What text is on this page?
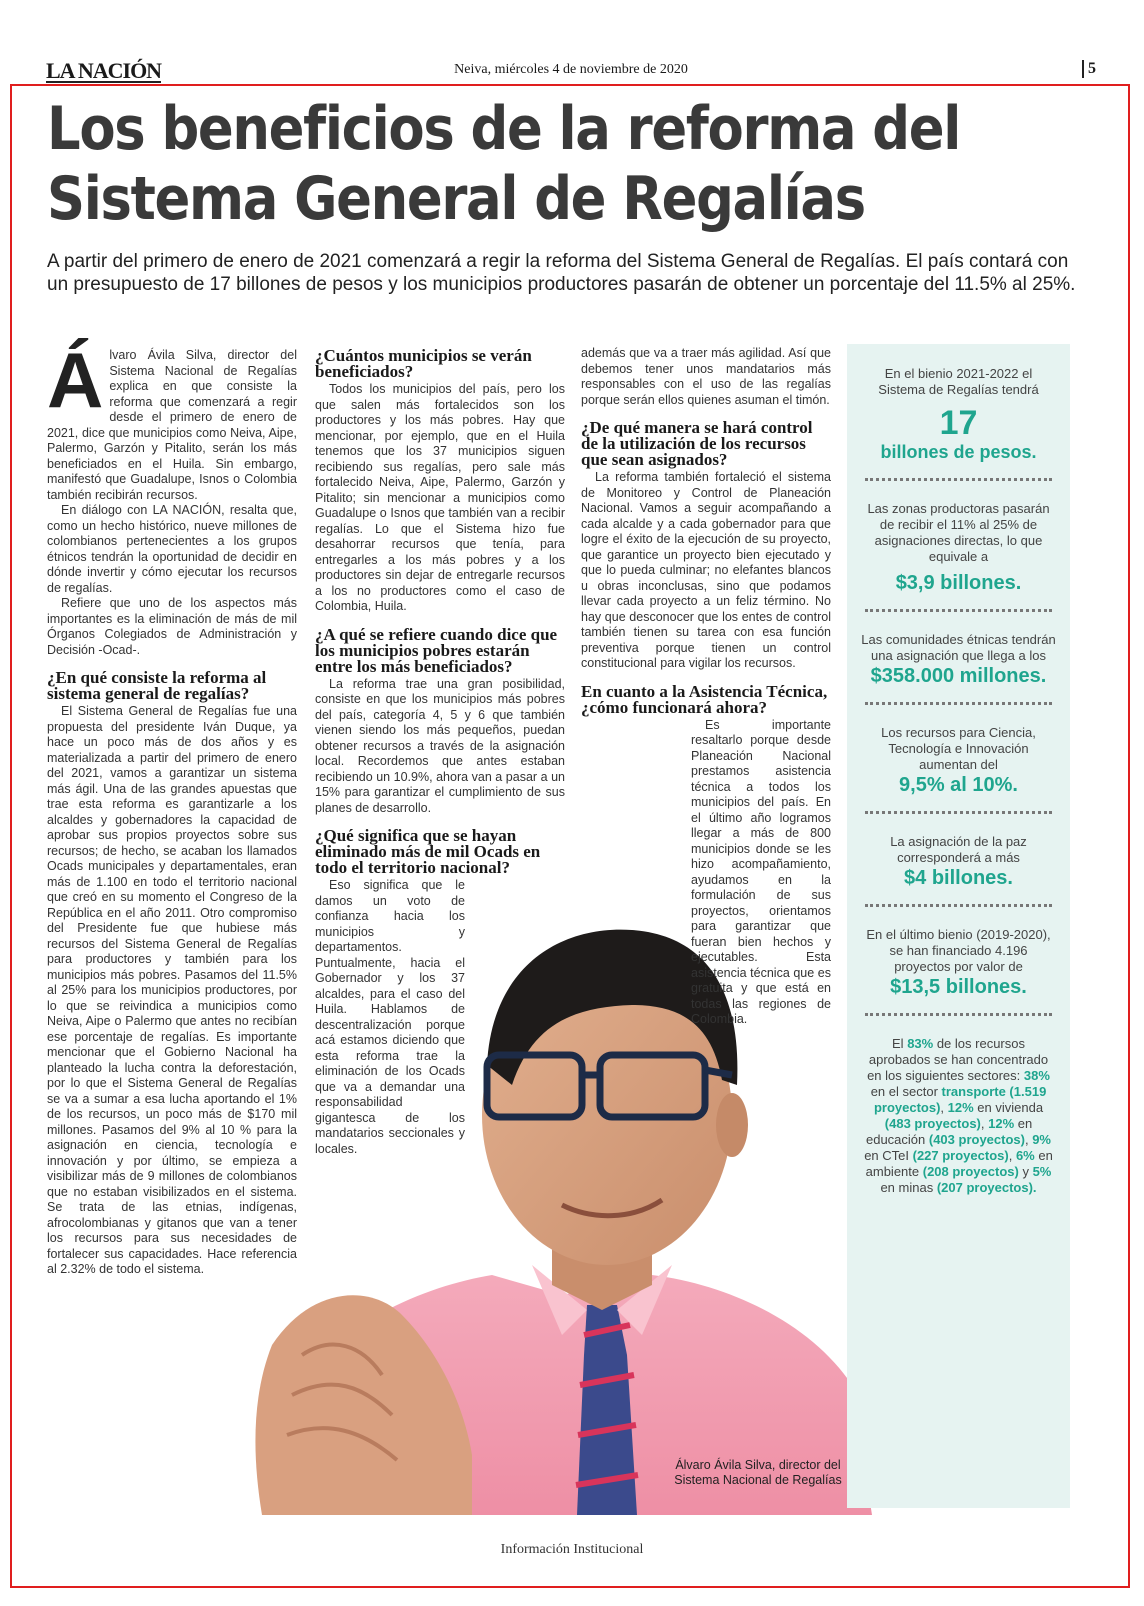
LA NACIÓN	Neiva, miércoles 4 de noviembre de 2020	5
Los beneficios de la reforma del
Sistema General de Regalías

A partir del primero de enero de 2021 comenzará a regir la reforma del Sistema General de Regalías. El país contará con un presupuesto de 17 billones de pesos y los municipios productores pasarán de obtener un porcentaje del 11.5% al 25%.

Álvaro Ávila Silva, director del Sistema Nacional de Regalías explica en que consiste la reforma que comenzará a regir desde el primero de enero de 2021, dice que municipios como Neiva, Aipe, Palermo, Garzón y Pitalito, serán los más beneficiados en el Huila. Sin embargo, manifestó que Guadalupe, Isnos o Colombia también recibirán recursos.

En diálogo con LA NACIÓN, resalta que, como un hecho histórico, nueve millones de colombianos pertenecientes a los grupos étnicos tendrán la oportunidad de decidir en dónde invertir y cómo ejecutar los recursos de regalías.

Refiere que uno de los aspectos más importantes es la eliminación de más de mil Órganos Colegiados de Administración y Decisión -Ocad-.

¿En qué consiste la reforma al sistema general de regalías?

El Sistema General de Regalías fue una propuesta del presidente Iván Duque, ya hace un poco más de dos años y es materializada a partir del primero de enero del 2021, vamos a garantizar un sistema más ágil. Una de las grandes apuestas que trae esta reforma es garantizarle a los alcaldes y gobernadores la capacidad de aprobar sus propios proyectos sobre sus recursos; de hecho, se acaban los llamados Ocads municipales y departamentales, eran más de 1.100 en todo el territorio nacional que creó en su momento el Congreso de la República en el año 2011. Otro compromiso del Presidente fue que hubiese más recursos del Sistema General de Regalías para productores y también para los municipios más pobres. Pasamos del 11.5% al 25% para los municipios productores, por lo que se reivindica a municipios como Neiva, Aipe o Palermo que antes no recibían ese porcentaje de regalías. Es importante mencionar que el Gobierno Nacional ha planteado la lucha contra la deforestación, por lo que el Sistema General de Regalías se va a sumar a esa lucha aportando el 1% de los recursos, un poco más de $170 mil millones. Pasamos del 9% al 10 % para la asignación en ciencia, tecnología e innovación y por último, se empieza a visibilizar más de 9 millones de colombianos que no estaban visibilizados en el sistema. Se trata de las etnias, indígenas, afrocolombianas y gitanos que van a tener los recursos para sus necesidades de fortalecer sus capacidades. Hace referencia al 2.32% de todo el sistema.

¿Cuántos municipios se verán beneficiados?

Todos los municipios del país, pero los que salen más fortalecidos son los productores y los más pobres. Hay que mencionar, por ejemplo, que en el Huila tenemos que los 37 municipios siguen recibiendo sus regalías, pero sale más fortalecido Neiva, Aipe, Palermo, Garzón y Pitalito; sin mencionar a municipios como Guadalupe o Isnos que también van a recibir regalías. Lo que el Sistema hizo fue desahorrar recursos que tenía, para entregarles a los más pobres y a los productores sin dejar de entregarle recursos a los no productores como el caso de Colombia, Huila.

¿A qué se refiere cuando dice que los municipios pobres estarán entre los más beneficiados?

La reforma trae una gran posibilidad, consiste en que los municipios más pobres del país, categoría 4, 5 y 6 que también vienen siendo los más pequeños, puedan obtener recursos a través de la asignación local. Recordemos que antes estaban recibiendo un 10.9%, ahora van a pasar a un 15% para garantizar el cumplimiento de sus planes de desarrollo.

¿Qué significa que se hayan eliminado más de mil Ocads en todo el territorio nacional?

Eso significa que le damos un voto de confianza hacia los municipios y departamentos. Puntualmente, hacia el Gobernador y los 37 alcaldes, para el caso del Huila. Hablamos de descentralización porque acá estamos diciendo que esta reforma trae la eliminación de los Ocads que va a demandar una responsabilidad gigantesca de los mandatarios seccionales y locales.

además que va a traer más agilidad. Así que debemos tener unos mandatarios más responsables con el uso de las regalías porque serán ellos quienes asuman el timón.

¿De qué manera se hará control de la utilización de los recursos que sean asignados?

La reforma también fortaleció el sistema de Monitoreo y Control de Planeación Nacional. Vamos a seguir acompañando a cada alcalde y a cada gobernador para que logre el éxito de la ejecución de su proyecto, que garantice un proyecto bien ejecutado y que lo pueda culminar; no elefantes blancos u obras inconclusas, sino que podamos llevar cada proyecto a un feliz término. No hay que desconocer que los entes de control también tienen su tarea con esa función preventiva porque tienen un control constitucional para vigilar los recursos.

En cuanto a la Asistencia Técnica, ¿cómo funcionará ahora?

Es importante resaltarlo porque desde Planeación Nacional prestamos asistencia técnica a todos los municipios del país. En el último año logramos llegar a más de 800 municipios donde se les hizo acompañamiento, ayudamos en la formulación de sus proyectos, orientamos para garantizar que fueran bien hechos y ejecutables. Esta asistencia técnica que es gratuita y que está en todas las regiones de Colombia.

Álvaro Ávila Silva, director del Sistema Nacional de Regalías
En el bienio 2021-2022 el Sistema de Regalías tendrá
17
billones de pesos.
Las zonas productoras pasarán de recibir el 11% al 25% de asignaciones directas, lo que equivale a
$3,9 billones.
Las comunidades étnicas tendrán una asignación que llega a los
$358.000 millones.
Los recursos para Ciencia, Tecnología e Innovación aumentan del
9,5% al 10%.
La asignación de la paz corresponderá a más
$4 billones.
En el último bienio (2019-2020), se han financiado 4.196 proyectos por valor de
$13,5 billones.
El 83% de los recursos aprobados se han concentrado en los siguientes sectores: 38% en el sector transporte (1.519 proyectos), 12% en vivienda (483 proyectos), 12% en educación (403 proyectos), 9% en CTeI (227 proyectos), 6% en ambiente (208 proyectos) y 5% en minas (207 proyectos).
Información Institucional
